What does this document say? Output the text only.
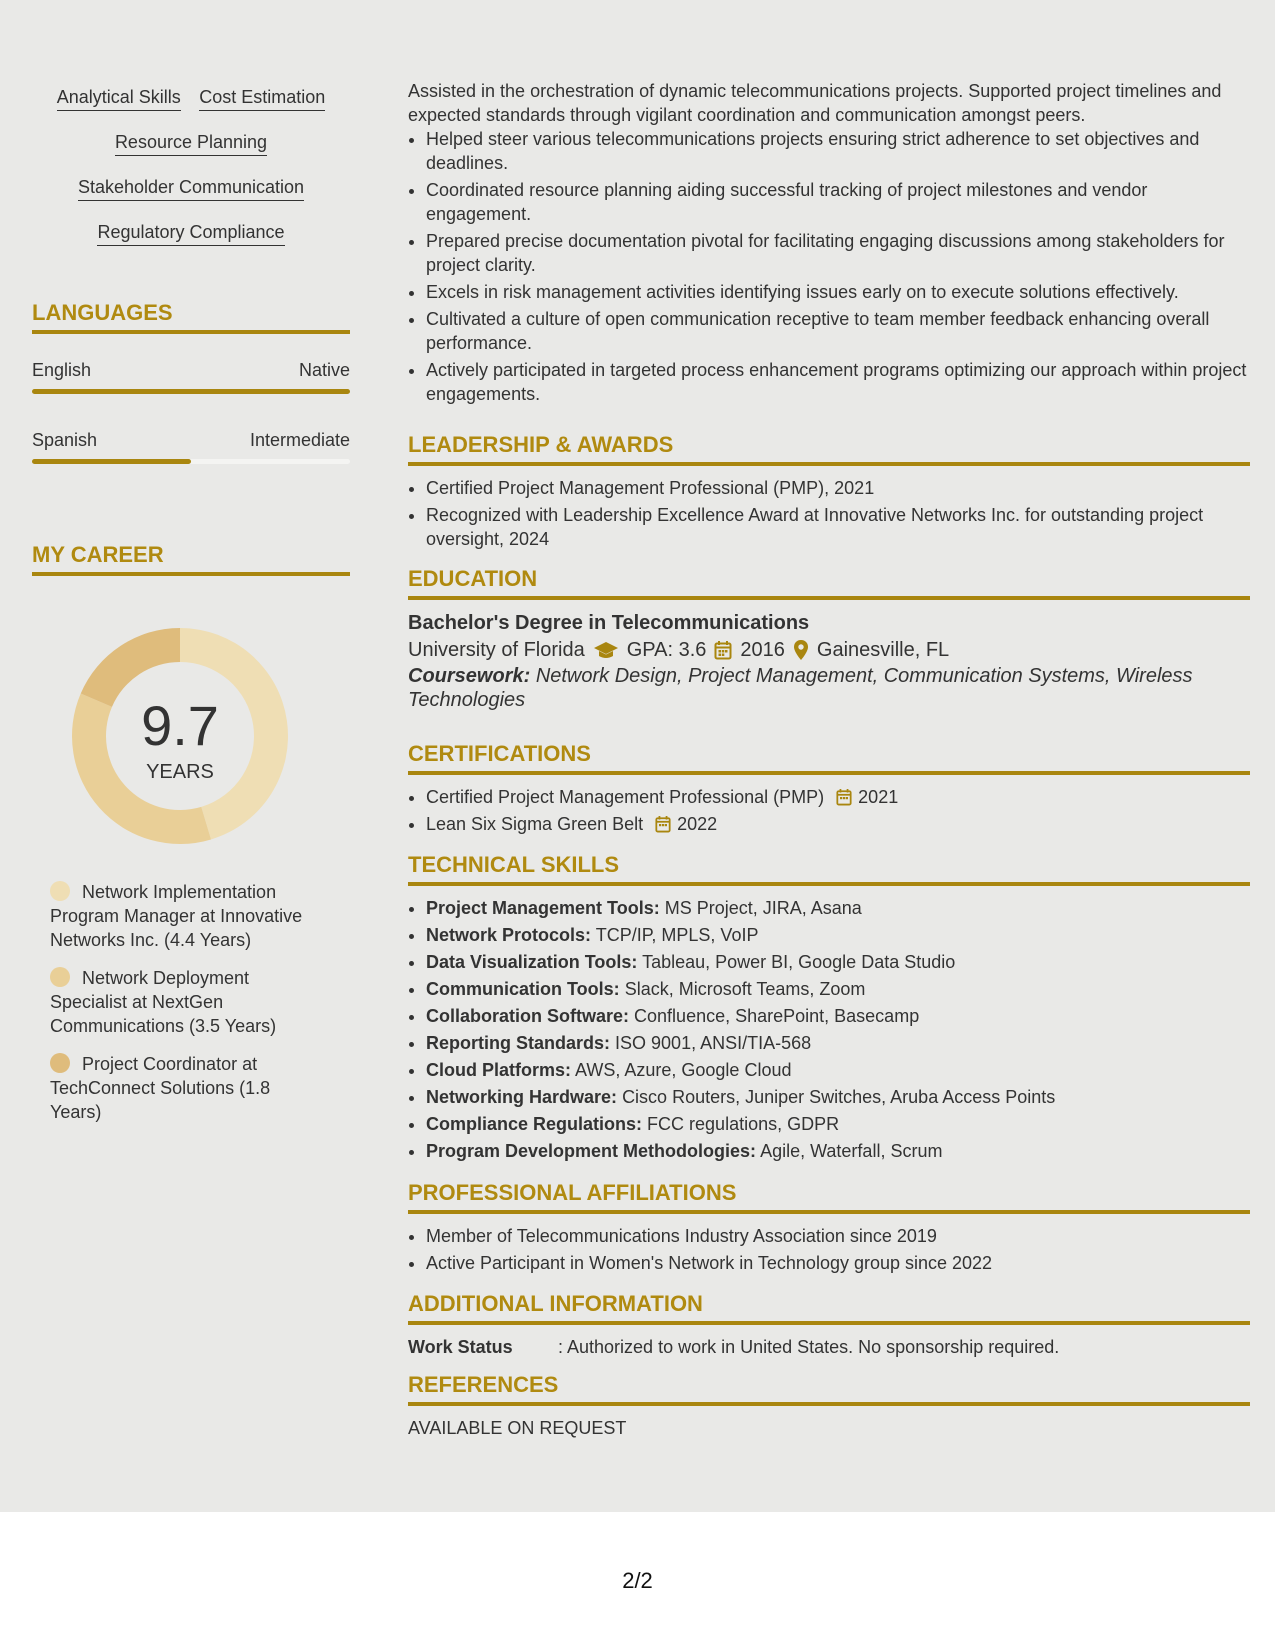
Analytical Skills Cost Estimation
Resource Planning
Stakeholder Communication
Regulatory Compliance
LANGUAGES
English	Native
Spanish	Intermediate
MY CAREER
9.7
YEARS
Network Implementation Program Manager at Innovative Networks Inc. (4.4 Years)
Network Deployment Specialist at NextGen Communications (3.5 Years)
Project Coordinator at TechConnect Solutions (1.8 Years)
Assisted in the orchestration of dynamic telecommunications projects. Supported project timelines and expected standards through vigilant coordination and communication amongst peers.
• Helped steer various telecommunications projects ensuring strict adherence to set objectives and deadlines.
• Coordinated resource planning aiding successful tracking of project milestones and vendor engagement.
• Prepared precise documentation pivotal for facilitating engaging discussions among stakeholders for project clarity.
• Excels in risk management activities identifying issues early on to execute solutions effectively.
• Cultivated a culture of open communication receptive to team member feedback enhancing overall performance.
• Actively participated in targeted process enhancement programs optimizing our approach within project engagements.
LEADERSHIP & AWARDS
• Certified Project Management Professional (PMP), 2021
• Recognized with Leadership Excellence Award at Innovative Networks Inc. for outstanding project oversight, 2024
EDUCATION
Bachelor's Degree in Telecommunications
University of Florida GPA: 3.6 2016 Gainesville, FL
Coursework: Network Design, Project Management, Communication Systems, Wireless Technologies
CERTIFICATIONS
• Certified Project Management Professional (PMP) 2021
• Lean Six Sigma Green Belt 2022
TECHNICAL SKILLS
• Project Management Tools: MS Project, JIRA, Asana
• Network Protocols: TCP/IP, MPLS, VoIP
• Data Visualization Tools: Tableau, Power BI, Google Data Studio
• Communication Tools: Slack, Microsoft Teams, Zoom
• Collaboration Software: Confluence, SharePoint, Basecamp
• Reporting Standards: ISO 9001, ANSI/TIA-568
• Cloud Platforms: AWS, Azure, Google Cloud
• Networking Hardware: Cisco Routers, Juniper Switches, Aruba Access Points
• Compliance Regulations: FCC regulations, GDPR
• Program Development Methodologies: Agile, Waterfall, Scrum
PROFESSIONAL AFFILIATIONS
• Member of Telecommunications Industry Association since 2019
• Active Participant in Women's Network in Technology group since 2022
ADDITIONAL INFORMATION
Work Status	: Authorized to work in United States. No sponsorship required.
REFERENCES
AVAILABLE ON REQUEST
2/2
